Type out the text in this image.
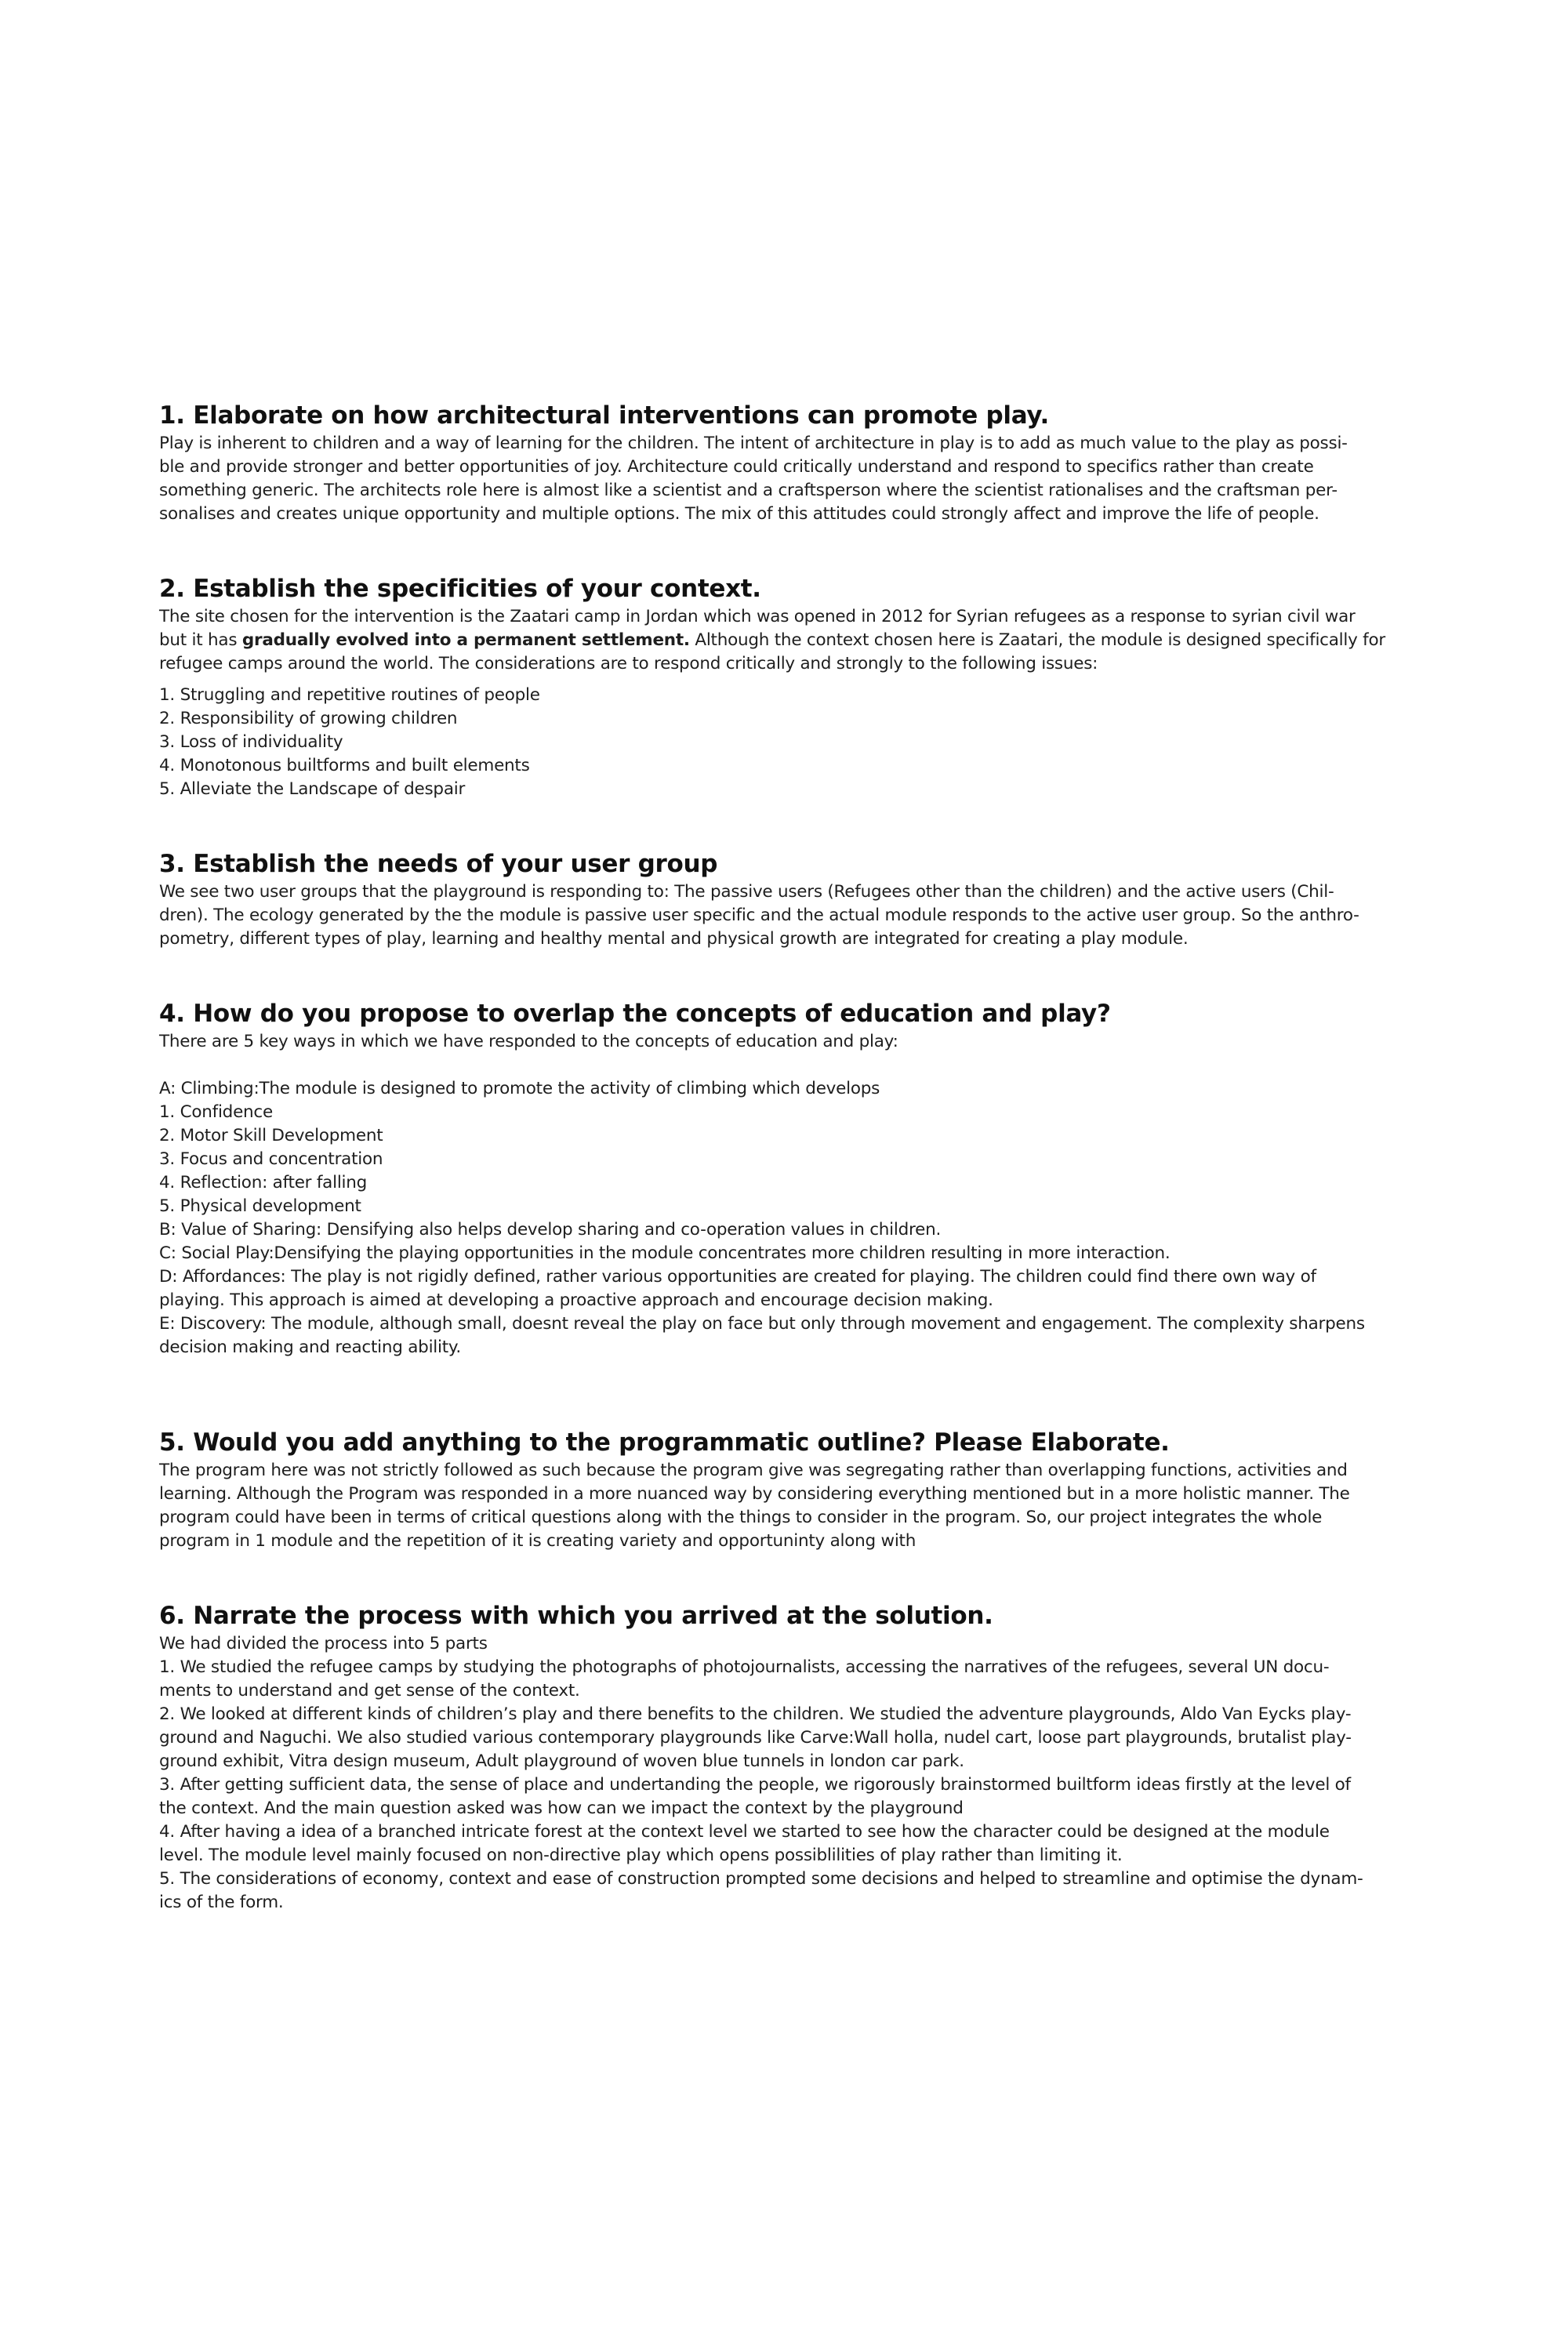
1. Elaborate on how architectural interventions can promote play.
Play is inherent to children and a way of learning for the children. The intent of architecture in play is to add as much value to the play as possi-
ble and provide stronger and better opportunities of joy. Architecture could critically understand and respond to specifics rather than create
something generic. The architects role here is almost like a scientist and a craftsperson where the scientist rationalises and the craftsman per-
sonalises and creates unique opportunity and multiple options. The mix of this attitudes could strongly affect and improve the life of people.
2. Establish the specificities of your context.
The site chosen for the intervention is the Zaatari camp in Jordan which was opened in 2012 for Syrian refugees as a response to syrian civil war
but it has gradually evolved into a permanent settlement. Although the context chosen here is Zaatari, the module is designed specifically for
refugee camps around the world. The considerations are to respond critically and strongly to the following issues:
1. Struggling and repetitive routines of people
2. Responsibility of growing children
3. Loss of individuality
4. Monotonous builtforms and built elements
5. Alleviate the Landscape of despair
3. Establish the needs of your user group
We see two user groups that the playground is responding to: The passive users (Refugees other than the children) and the active users (Chil-
dren). The ecology generated by the the module is passive user specific and the actual module responds to the active user group. So the anthro-
pometry, different types of play, learning and healthy mental and physical growth are integrated for creating a play module.
4. How do you propose to overlap the concepts of education and play?
There are 5 key ways in which we have responded to the concepts of education and play:
A: Climbing:The module is designed to promote the activity of climbing which develops
1. Confidence
2. Motor Skill Development
3. Focus and concentration
4. Reflection: after falling
5. Physical development
B: Value of Sharing: Densifying also helps develop sharing and co-operation values in children.
C: Social Play:Densifying the playing opportunities in the module concentrates more children resulting in more interaction.
D: Affordances: The play is not rigidly defined, rather various opportunities are created for playing. The children could find there own way of
playing. This approach is aimed at developing a proactive approach and encourage decision making.
E: Discovery: The module, although small, doesnt reveal the play on face but only through movement and engagement. The complexity sharpens
decision making and reacting ability.
5. Would you add anything to the programmatic outline? Please Elaborate.
The program here was not strictly followed as such because the program give was segregating rather than overlapping functions, activities and
learning. Although the Program was responded in a more nuanced way by considering everything mentioned but in a more holistic manner. The
program could have been in terms of critical questions along with the things to consider in the program. So, our project integrates the whole
program in 1 module and the repetition of it is creating variety and opportuninty along with
6. Narrate the process with which you arrived at the solution.
We had divided the process into 5 parts
1. We studied the refugee camps by studying the photographs of photojournalists, accessing the narratives of the refugees, several UN docu-
ments to understand and get sense of the context.
2. We looked at different kinds of children’s play and there benefits to the children. We studied the adventure playgrounds, Aldo Van Eycks play-
ground and Naguchi. We also studied various contemporary playgrounds like Carve:Wall holla, nudel cart, loose part playgrounds, brutalist play-
ground exhibit, Vitra design museum, Adult playground of woven blue tunnels in london car park.
3. After getting sufficient data, the sense of place and undertanding the people, we rigorously brainstormed builtform ideas firstly at the level of
the context. And the main question asked was how can we impact the context by the playground
4. After having a idea of a branched intricate forest at the context level we started to see how the character could be designed at the module
level. The module level mainly focused on non-directive play which opens possiblilities of play rather than limiting it.
5. The considerations of economy, context and ease of construction prompted some decisions and helped to streamline and optimise the dynam-
ics of the form.
